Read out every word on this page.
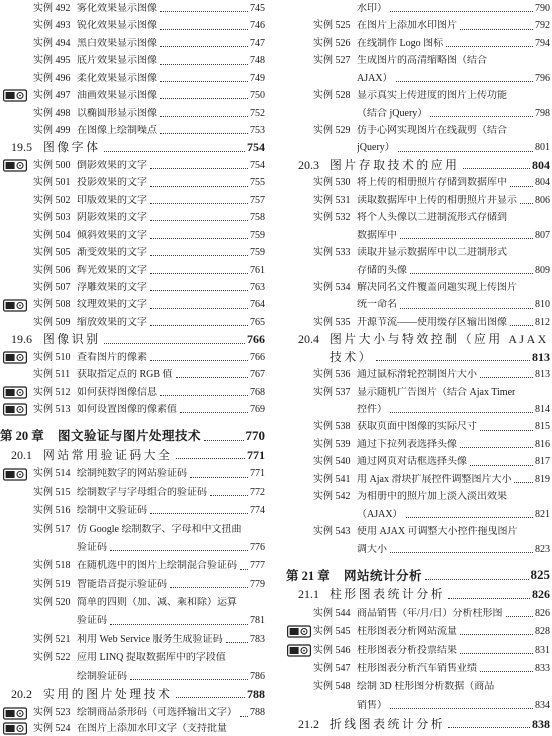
实例 492 雾化效果显示图像	745
实例 493 锐化效果显示图像	746
实例 494 黑白效果显示图像	747
实例 495 底片效果显示图像	748
实例 496 柔化效果显示图像	749
实例 497 油画效果显示图像	750
实例 498 以椭圆形显示图像	752
实例 499 在图像上绘制噪点	753
19.5 图像字体	754
实例 500 倒影效果的文字	754
实例 501 投影效果的文字	755
实例 502 印版效果的文字	757
实例 503 阴影效果的文字	758
实例 504 倾斜效果的文字	759
实例 505 渐变效果的文字	759
实例 506 辉光效果的文字	761
实例 507 浮雕效果的文字	763
实例 508 纹理效果的文字	764
实例 509 缩放效果的文字	765
19.6 图像识别	766
实例 510 查看图片的像素	766
实例 511 获取指定点的 RGB 值	767
实例 512 如何获得图像信息	768
实例 513 如何设置图像的像素值	769
第 20 章	图文验证与图片处理技术	770
20.1 网站常用验证码大全	771
实例 514 绘制纯数字的网站验证码	771
实例 515 绘制数字与字母组合的验证码	772
实例 516 绘制中文验证码	774
实例 517 仿 Google 绘制数字、字母和中文扭曲
验证码	776
实例 518 在随机选中的图片上绘制混合验证码 777
实例 519 智能语音提示验证码	779
实例 520 简单的四则（加、减、乘和除）运算
验证码	781
实例 521 利用 Web Service 服务生成验证码	783
实例 522 应用 LINQ 提取数据库中的字段值
绘制验证码	786
20.2 实用的图片处理技术	788
实例 523 绘制商品条形码（可选择输出文字） 788
实例 524 在图片上添加水印文字（支持批量
水印）	790
实例 525 在图片上添加水印图片	792
实例 526 在线制作 Logo 图标	794
实例 527 生成图片的高清缩略图（结合
AJAX）	796
实例 528 显示真实上传进度的图片上传功能
（结合 jQuery）	798
实例 529 仿手心网实现图片在线裁剪（结合
jQuery）	801
20.3 图片存取技术的应用	804
实例 530 将上传的相册照片存储到数据库中	804
实例 531 读取数据库中上传的相册照片并显示 806
实例 532 将个人头像以二进制流形式存储到
数据库中	807
实例 533 读取并显示数据库中以二进制形式
存储的头像	809
实例 534 解决同名文件覆盖问题实现上传图片
统一命名	810
实例 535 开源节流——使用缓存区输出图像	812
20.4 图片大小与特效控制（应用 AJAX
技术）	813
实例 536 通过鼠标滑轮控制图片大小	813
实例 537 显示随机广告图片（结合 Ajax Timer
控件）	814
实例 538 获取页面中图像的实际尺寸	815
实例 539 通过下拉列表选择头像	816
实例 540 通过网页对话框选择头像	817
实例 541 用 Ajax 滑块扩展控件调整图片大小 819
实例 542 为相册中的照片加上淡入淡出效果
（AJAX）	821
实例 543 使用 AJAX 可调整大小控件拖曳图片
调大小	823
第 21 章	网站统计分析	825
21.1 柱形图表统计分析	826
实例 544 商品销售（年/月/日）分析柱形图	826
实例 545 柱形图表分析网站流量	828
实例 546 柱形图表分析投票结果	831
实例 547 柱形图表分析汽车销售业绩	833
实例 548 绘制 3D 柱形图分析数据（商品
销售）	834
21.2 折线图表统计分析	838
